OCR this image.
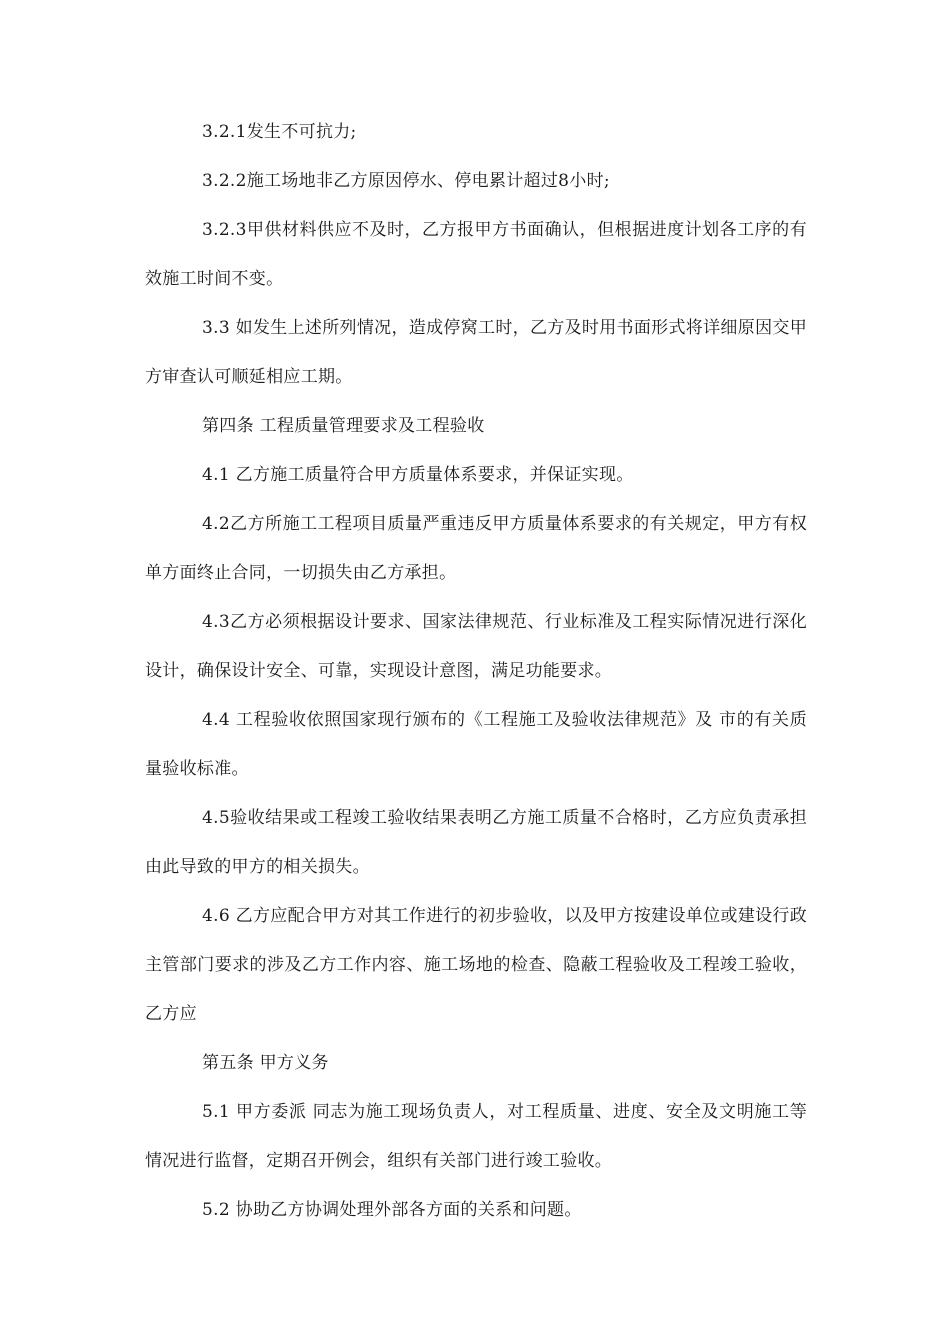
3.2.1发生不可抗力;

3.2.2施工场地非乙方原因停水、停电累计超过8小时;

3.2.3甲供材料供应不及时，乙方报甲方书面确认，但根据进度计划各工序的有效施工时间不变。

3.3 如发生上述所列情况，造成停窝工时，乙方及时用书面形式将详细原因交甲方审查认可顺延相应工期。

第四条 工程质量管理要求及工程验收

4.1 乙方施工质量符合甲方质量体系要求，并保证实现。

4.2乙方所施工工程项目质量严重违反甲方质量体系要求的有关规定，甲方有权单方面终止合同，一切损失由乙方承担。

4.3乙方必须根据设计要求、国家法律规范、行业标准及工程实际情况进行深化设计，确保设计安全、可靠，实现设计意图，满足功能要求。

4.4 工程验收依照国家现行颁布的《工程施工及验收法律规范》及 市的有关质量验收标准。

4.5验收结果或工程竣工验收结果表明乙方施工质量不合格时，乙方应负责承担由此导致的甲方的相关损失。

4.6 乙方应配合甲方对其工作进行的初步验收，以及甲方按建设单位或建设行政主管部门要求的涉及乙方工作内容、施工场地的检查、隐蔽工程验收及工程竣工验收，乙方应

第五条 甲方义务

5.1 甲方委派 同志为施工现场负责人，对工程质量、进度、安全及文明施工等情况进行监督，定期召开例会，组织有关部门进行竣工验收。

5.2 协助乙方协调处理外部各方面的关系和问题。
